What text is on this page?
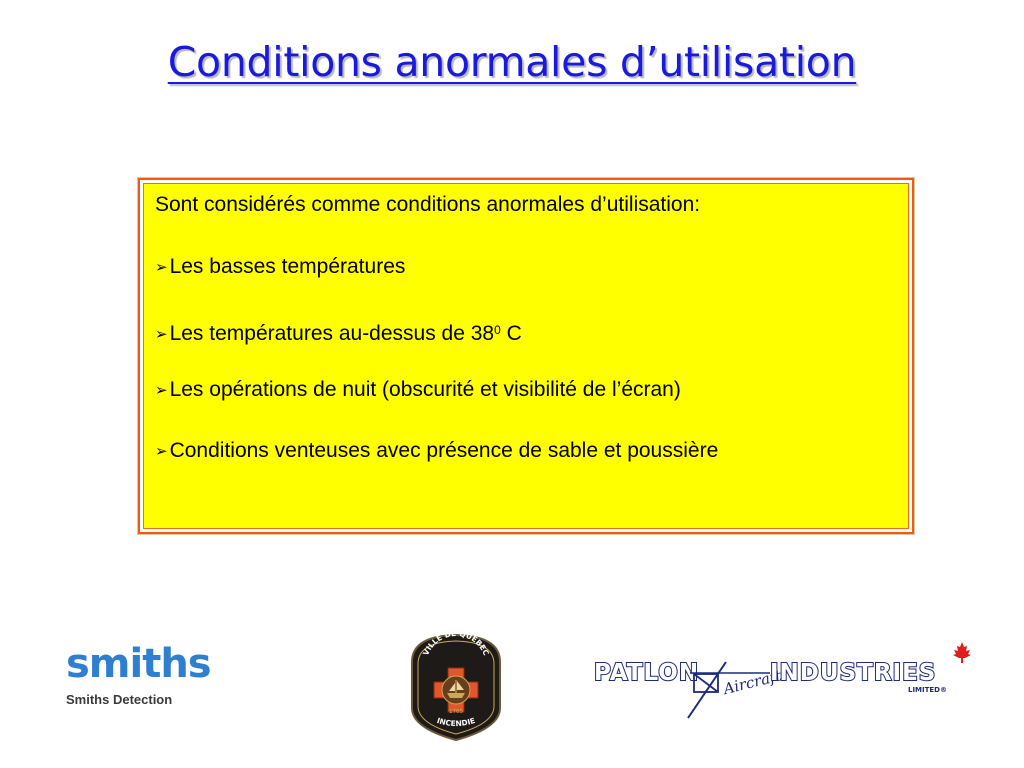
Conditions anormales d’utilisation

Sont considérés comme conditions anormales d’utilisation:

➢Les basses températures

➢Les températures au-dessus de $38^0$ C

➢Les opérations de nuit (obscurité et visibilité de l’écran)

➢Conditions venteuses avec présence de sable et poussière

smiths
Smiths Detection
VILLE DE QUÉBEC
1765
INCENDIE
PATLON Aircraft
INDUSTRIES
LIMITED®
